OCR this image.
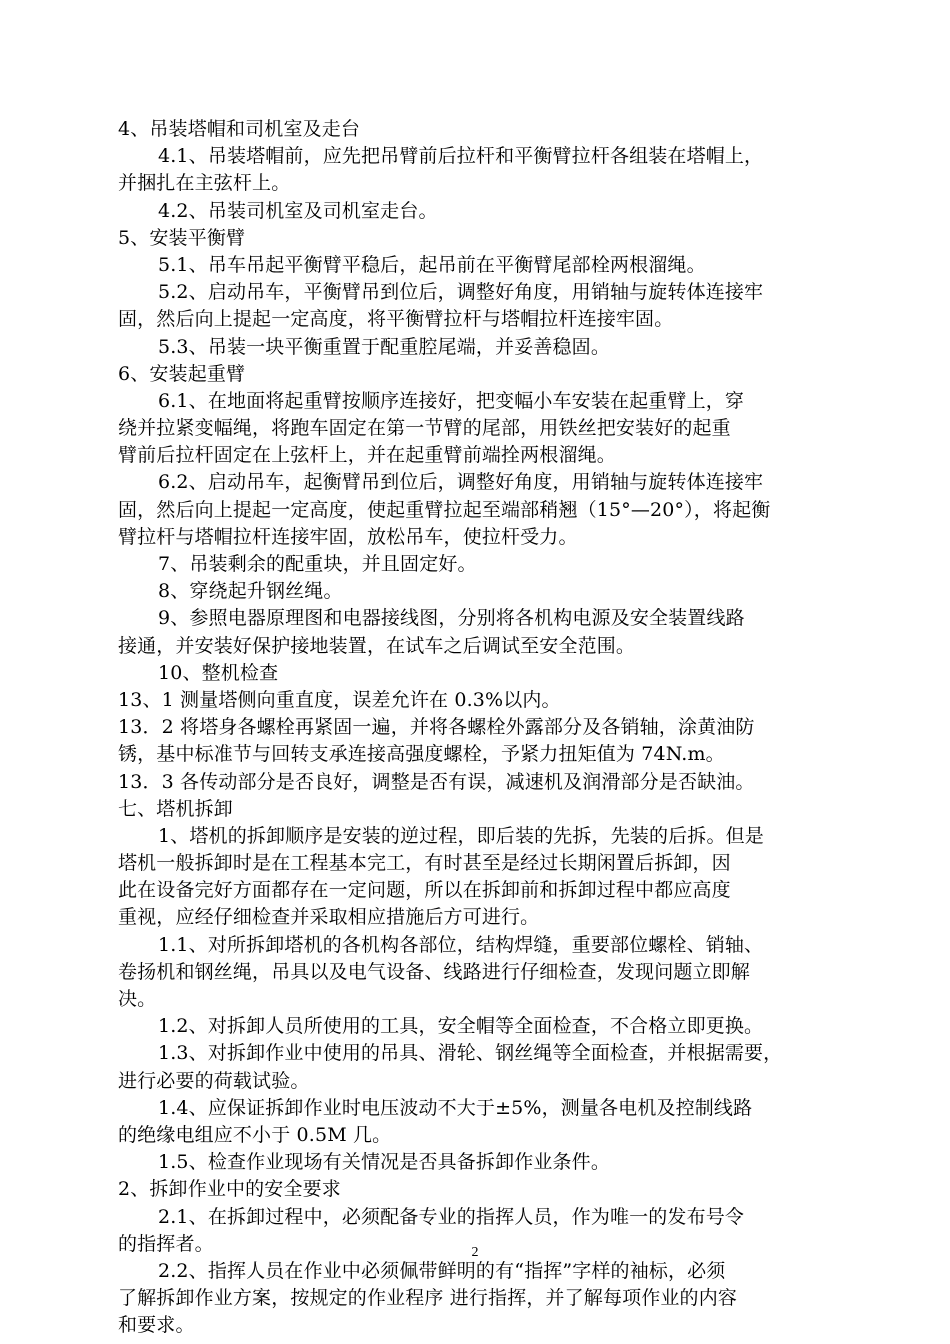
4、吊装塔帽和司机室及走台
4.1、吊装塔帽前，应先把吊臂前后拉杆和平衡臂拉杆各组装在塔帽上，
并捆扎在主弦杆上。
4.2、吊装司机室及司机室走台。
5、安装平衡臂
5.1、吊车吊起平衡臂平稳后，起吊前在平衡臂尾部栓两根溜绳。
5.2、启动吊车，平衡臂吊到位后，调整好角度，用销轴与旋转体连接牢
固，然后向上提起一定高度，将平衡臂拉杆与塔帽拉杆连接牢固。
5.3、吊装一块平衡重置于配重腔尾端，并妥善稳固。
6、安装起重臂
6.1、在地面将起重臂按顺序连接好，把变幅小车安装在起重臂上，穿
绕并拉紧变幅绳，将跑车固定在第一节臂的尾部，用铁丝把安装好的起重
臂前后拉杆固定在上弦杆上，并在起重臂前端拴两根溜绳。
6.2、启动吊车，起衡臂吊到位后，调整好角度，用销轴与旋转体连接牢
固，然后向上提起一定高度，使起重臂拉起至端部稍翘（15°—20°），将起衡
臂拉杆与塔帽拉杆连接牢固，放松吊车，使拉杆受力。
7、吊装剩余的配重块，并且固定好。
8、穿绕起升钢丝绳。
9、参照电器原理图和电器接线图，分别将各机构电源及安全装置线路
接通，并安装好保护接地装置，在试车之后调试至安全范围。
10、整机检查
13、1 测量塔侧向重直度，误差允许在 0.3%以内。
13．2 将塔身各螺栓再紧固一遍，并将各螺栓外露部分及各销轴，涂黄油防
锈，基中标准节与回转支承连接高强度螺栓，予紧力扭矩值为 74N.m。
13．3 各传动部分是否良好，调整是否有误，减速机及润滑部分是否缺油。
七、塔机拆卸
1、塔机的拆卸顺序是安装的逆过程，即后装的先拆，先装的后拆。但是
塔机一般拆卸时是在工程基本完工，有时甚至是经过长期闲置后拆卸，因
此在设备完好方面都存在一定问题，所以在拆卸前和拆卸过程中都应高度
重视，应经仔细检查并采取相应措施后方可进行。
1.1、对所拆卸塔机的各机构各部位，结构焊缝，重要部位螺栓、销轴、
卷扬机和钢丝绳，吊具以及电气设备、线路进行仔细检查，发现问题立即解
决。
1.2、对拆卸人员所使用的工具，安全帽等全面检查，不合格立即更换。
1.3、对拆卸作业中使用的吊具、滑轮、钢丝绳等全面检查，并根据需要，
进行必要的荷载试验。
1.4、应保证拆卸作业时电压波动不大于±5%，测量各电机及控制线路
的绝缘电组应不小于 0.5M 几。
1.5、检查作业现场有关情况是否具备拆卸作业条件。
2、拆卸作业中的安全要求
2.1、在拆卸过程中，必须配备专业的指挥人员，作为唯一的发布号令
的指挥者。
2.2、指挥人员在作业中必须佩带鲜明的有“指挥”字样的袖标，必须
了解拆卸作业方案，按规定的作业程序 进行指挥，并了解每项作业的内容
和要求。
2
